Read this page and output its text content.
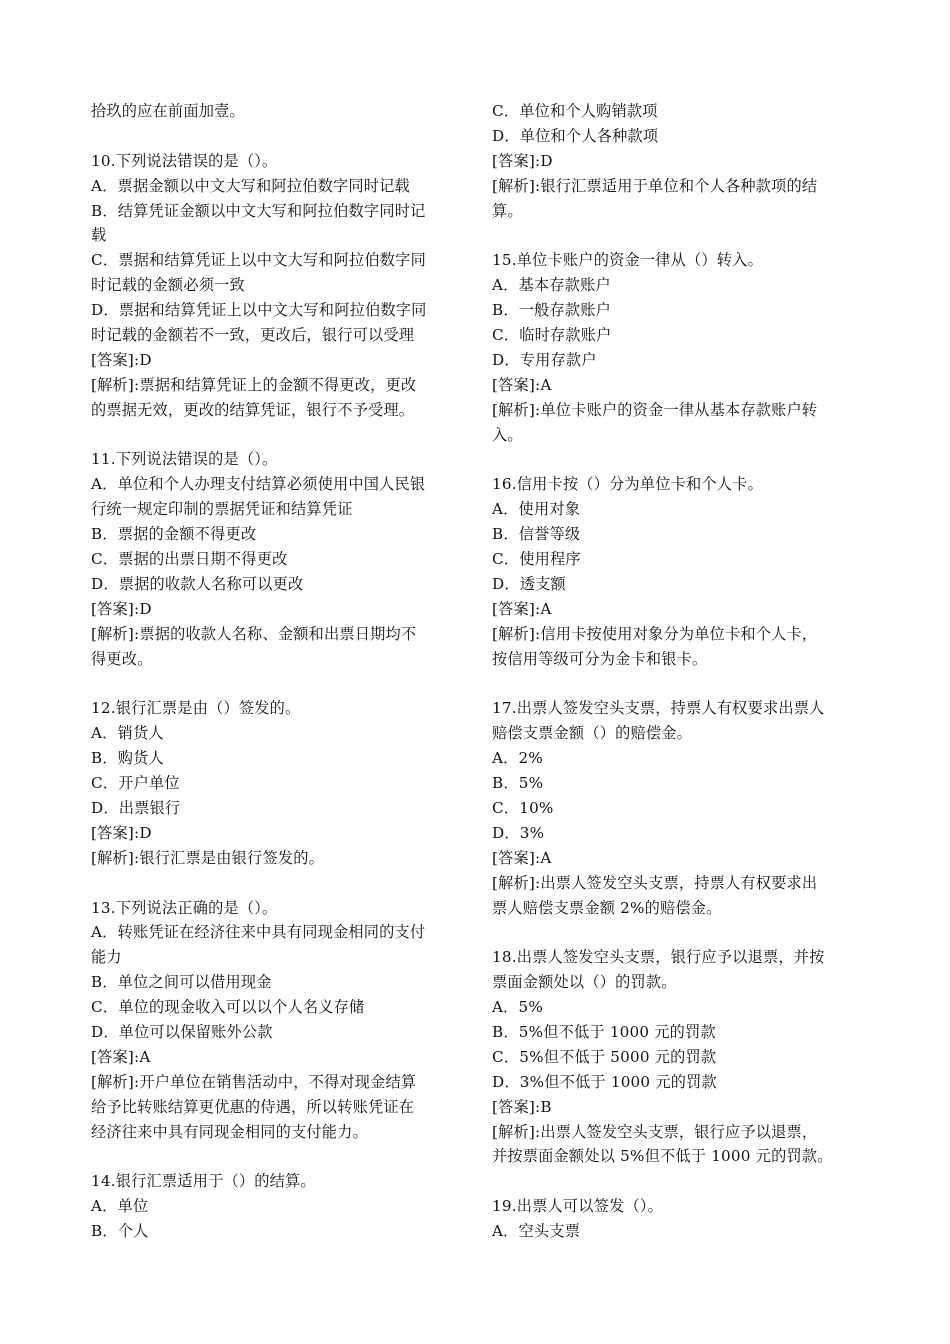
拾玖的应在前面加壹。
10.下列说法错误的是（）。
A．票据金额以中文大写和阿拉伯数字同时记载
B．结算凭证金额以中文大写和阿拉伯数字同时记
载
C．票据和结算凭证上以中文大写和阿拉伯数字同
时记载的金额必须一致
D．票据和结算凭证上以中文大写和阿拉伯数字同
时记载的金额若不一致，更改后，银行可以受理
[答案]:D
[解析]:票据和结算凭证上的金额不得更改，更改
的票据无效，更改的结算凭证，银行不予受理。
11.下列说法错误的是（）。
A．单位和个人办理支付结算必须使用中国人民银
行统一规定印制的票据凭证和结算凭证
B．票据的金额不得更改
C．票据的出票日期不得更改
D．票据的收款人名称可以更改
[答案]:D
[解析]:票据的收款人名称、金额和出票日期均不
得更改。
12.银行汇票是由（）签发的。
A．销货人
B．购货人
C．开户单位
D．出票银行
[答案]:D
[解析]:银行汇票是由银行签发的。
13.下列说法正确的是（）。
A．转账凭证在经济往来中具有同现金相同的支付
能力
B．单位之间可以借用现金
C．单位的现金收入可以以个人名义存储
D．单位可以保留账外公款
[答案]:A
[解析]:开户单位在销售活动中，不得对现金结算
给予比转账结算更优惠的侍遇，所以转账凭证在
经济往来中具有同现金相同的支付能力。
14.银行汇票适用于（）的结算。
A．单位
B．个人
C．单位和个人购销款项
D．单位和个人各种款项
[答案]:D
[解析]:银行汇票适用于单位和个人各种款项的结
算。
15.单位卡账户的资金一律从（）转入。
A．基本存款账户
B．一般存款账户
C．临时存款账户
D．专用存款户
[答案]:A
[解析]:单位卡账户的资金一律从基本存款账户转
入。
16.信用卡按（）分为单位卡和个人卡。
A．使用对象
B．信誉等级
C．使用程序
D．透支额
[答案]:A
[解析]:信用卡按使用对象分为单位卡和个人卡，
按信用等级可分为金卡和银卡。
17.出票人签发空头支票，持票人有权要求出票人
赔偿支票金额（）的赔偿金。
A．2%
B．5%
C．10%
D．3%
[答案]:A
[解析]:出票人签发空头支票，持票人有权要求出
票人赔偿支票金额 2%的赔偿金。
18.出票人签发空头支票，银行应予以退票，并按
票面金额处以（）的罚款。
A．5%
B．5%但不低于 1000 元的罚款
C．5%但不低于 5000 元的罚款
D．3%但不低于 1000 元的罚款
[答案]:B
[解析]:出票人签发空头支票，银行应予以退票，
并按票面金额处以 5%但不低于 1000 元的罚款。
19.出票人可以签发（）。
A．空头支票
